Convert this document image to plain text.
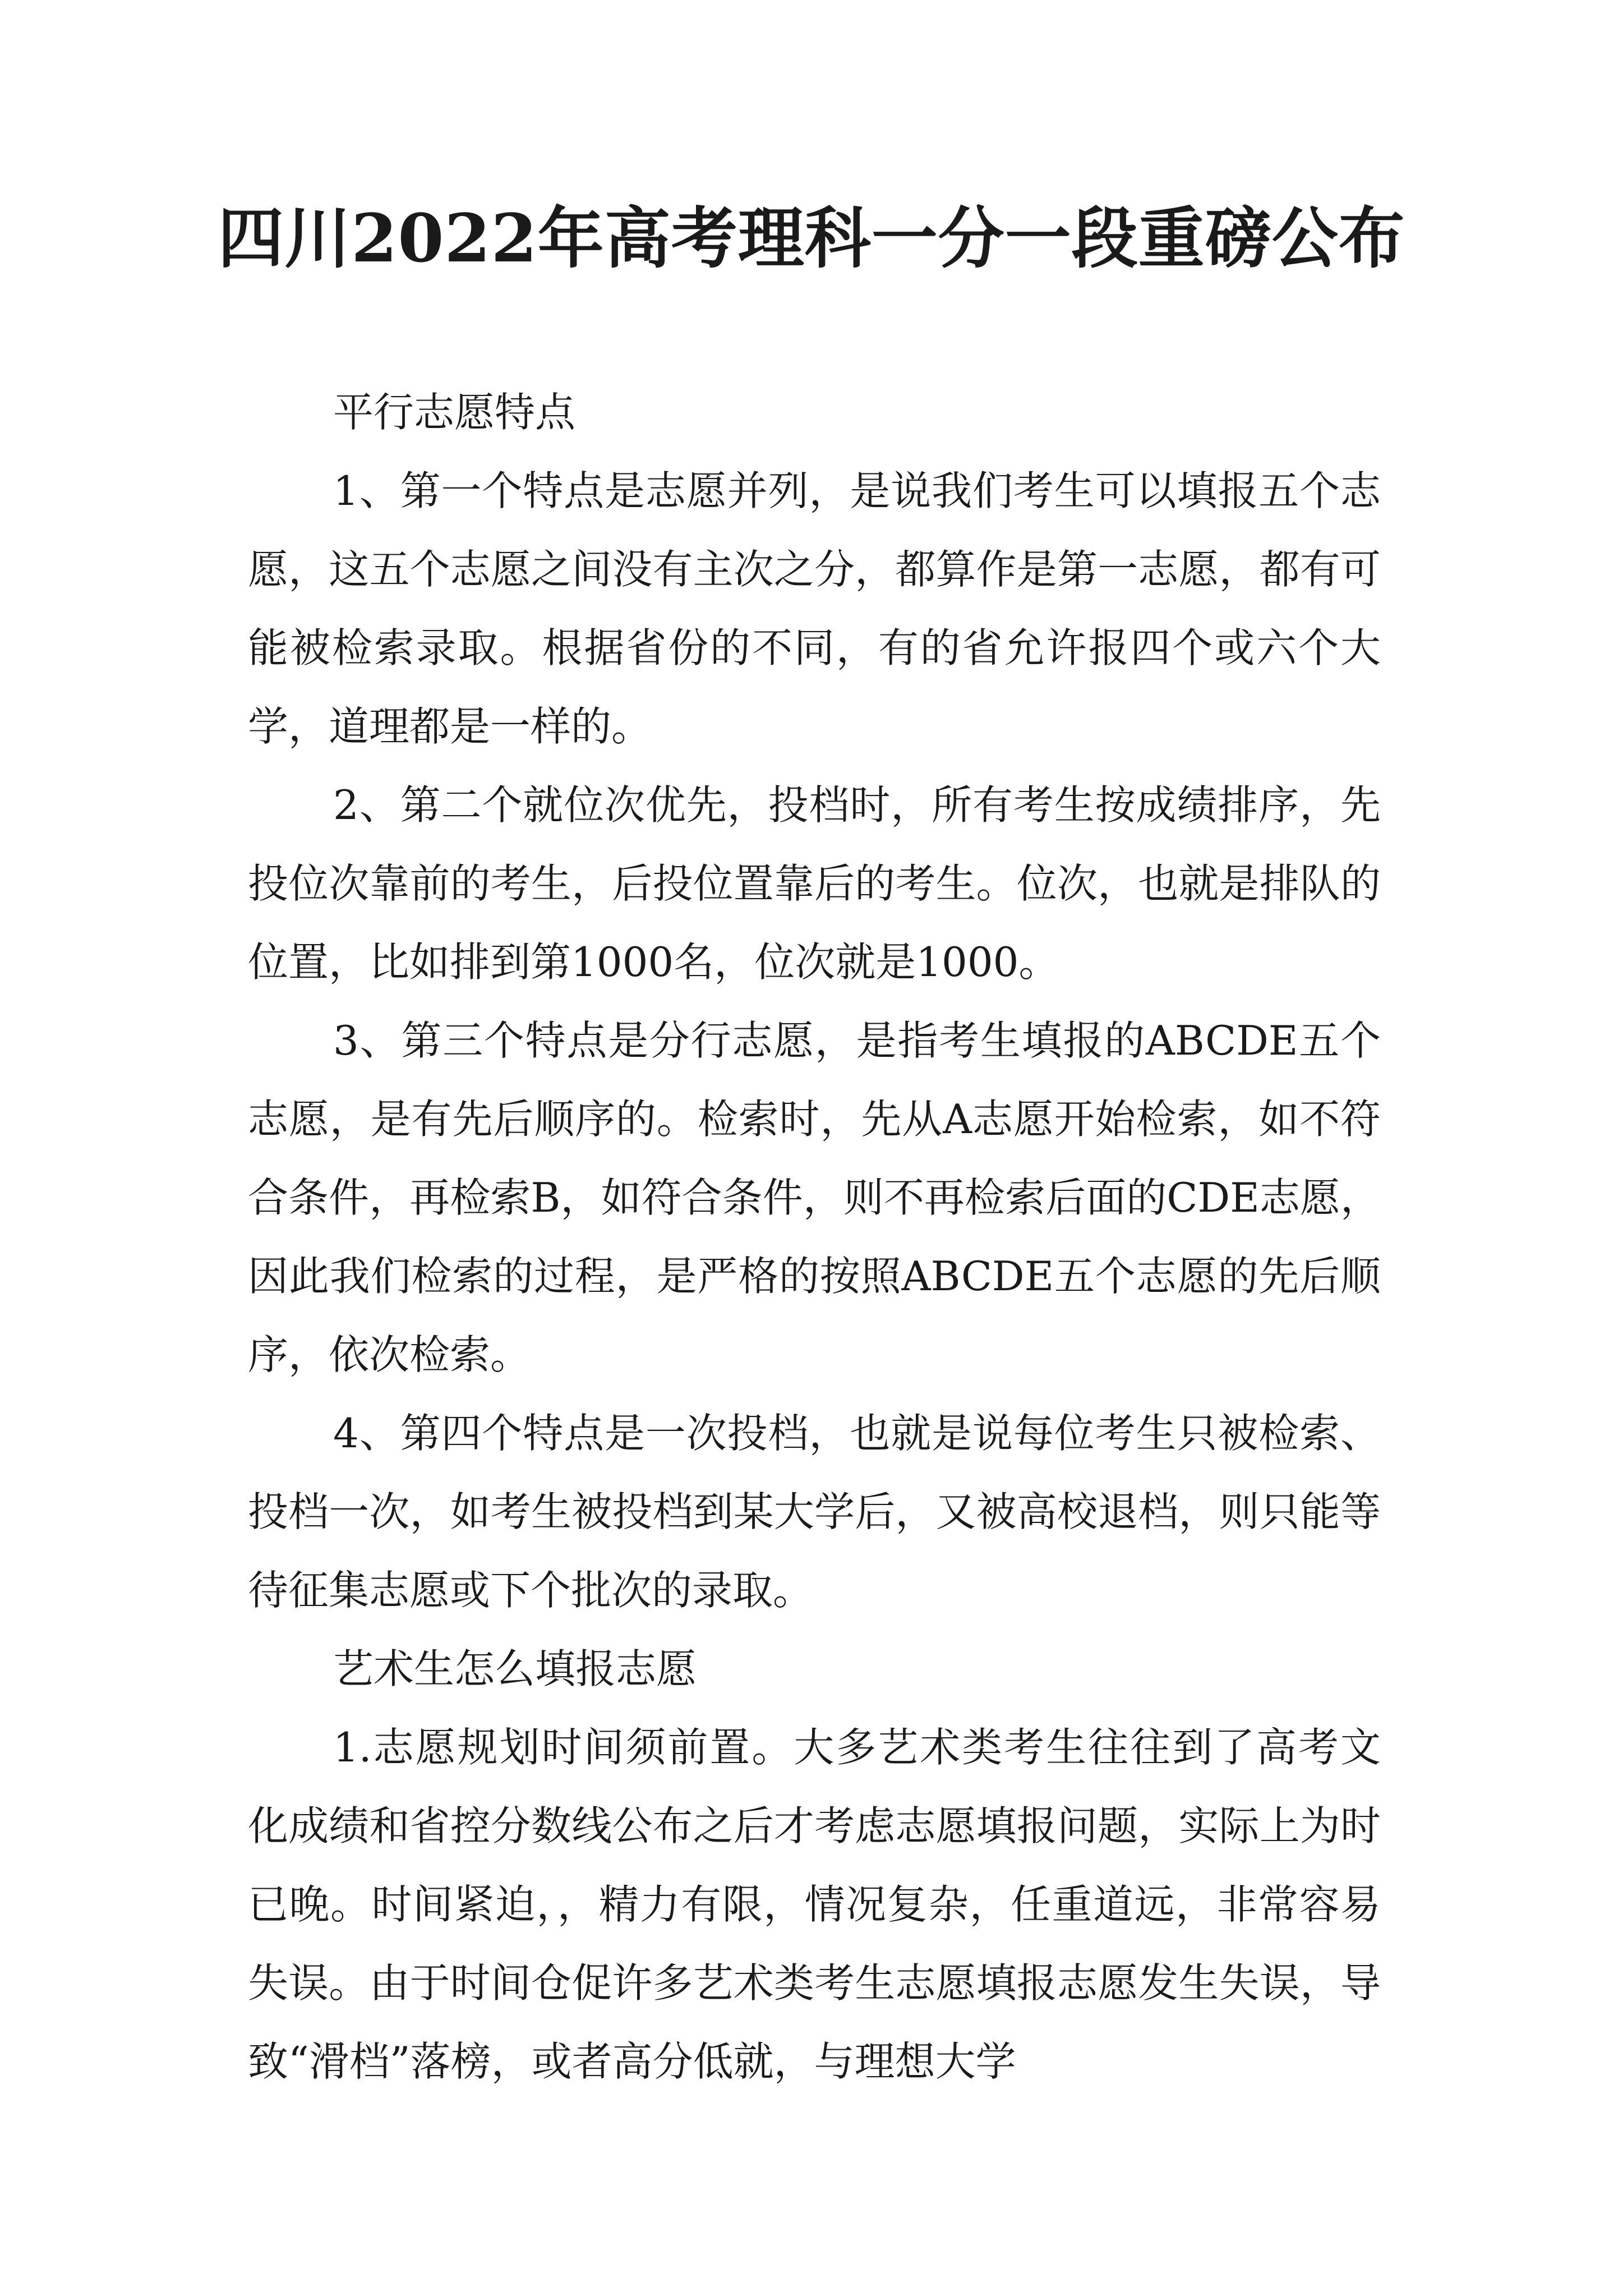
四川2022年高考理科一分一段重磅公布

平行志愿特点

1、第一个特点是志愿并列，是说我们考生可以填报五个志愿，这五个志愿之间没有主次之分，都算作是第一志愿，都有可能被检索录取。根据省份的不同，有的省允许报四个或六个大学，道理都是一样的。

2、第二个就位次优先，投档时，所有考生按成绩排序，先投位次靠前的考生，后投位置靠后的考生。位次，也就是排队的位置，比如排到第1000名，位次就是1000。

3、第三个特点是分行志愿，是指考生填报的ABCDE五个志愿，是有先后顺序的。检索时，先从A志愿开始检索，如不符合条件，再检索B，如符合条件，则不再检索后面的CDE志愿，因此我们检索的过程，是严格的按照ABCDE五个志愿的先后顺序，依次检索。

4、第四个特点是一次投档，也就是说每位考生只被检索、投档一次，如考生被投档到某大学后，又被高校退档，则只能等待征集志愿或下个批次的录取。

艺术生怎么填报志愿

1.志愿规划时间须前置。大多艺术类考生往往到了高考文化成绩和省控分数线公布之后才考虑志愿填报问题，实际上为时已晚。时间紧迫，，精力有限，情况复杂，任重道远，非常容易失误。由于时间仓促许多艺术类考生志愿填报志愿发生失误，导致“滑档”落榜，或者高分低就，与理想大学
